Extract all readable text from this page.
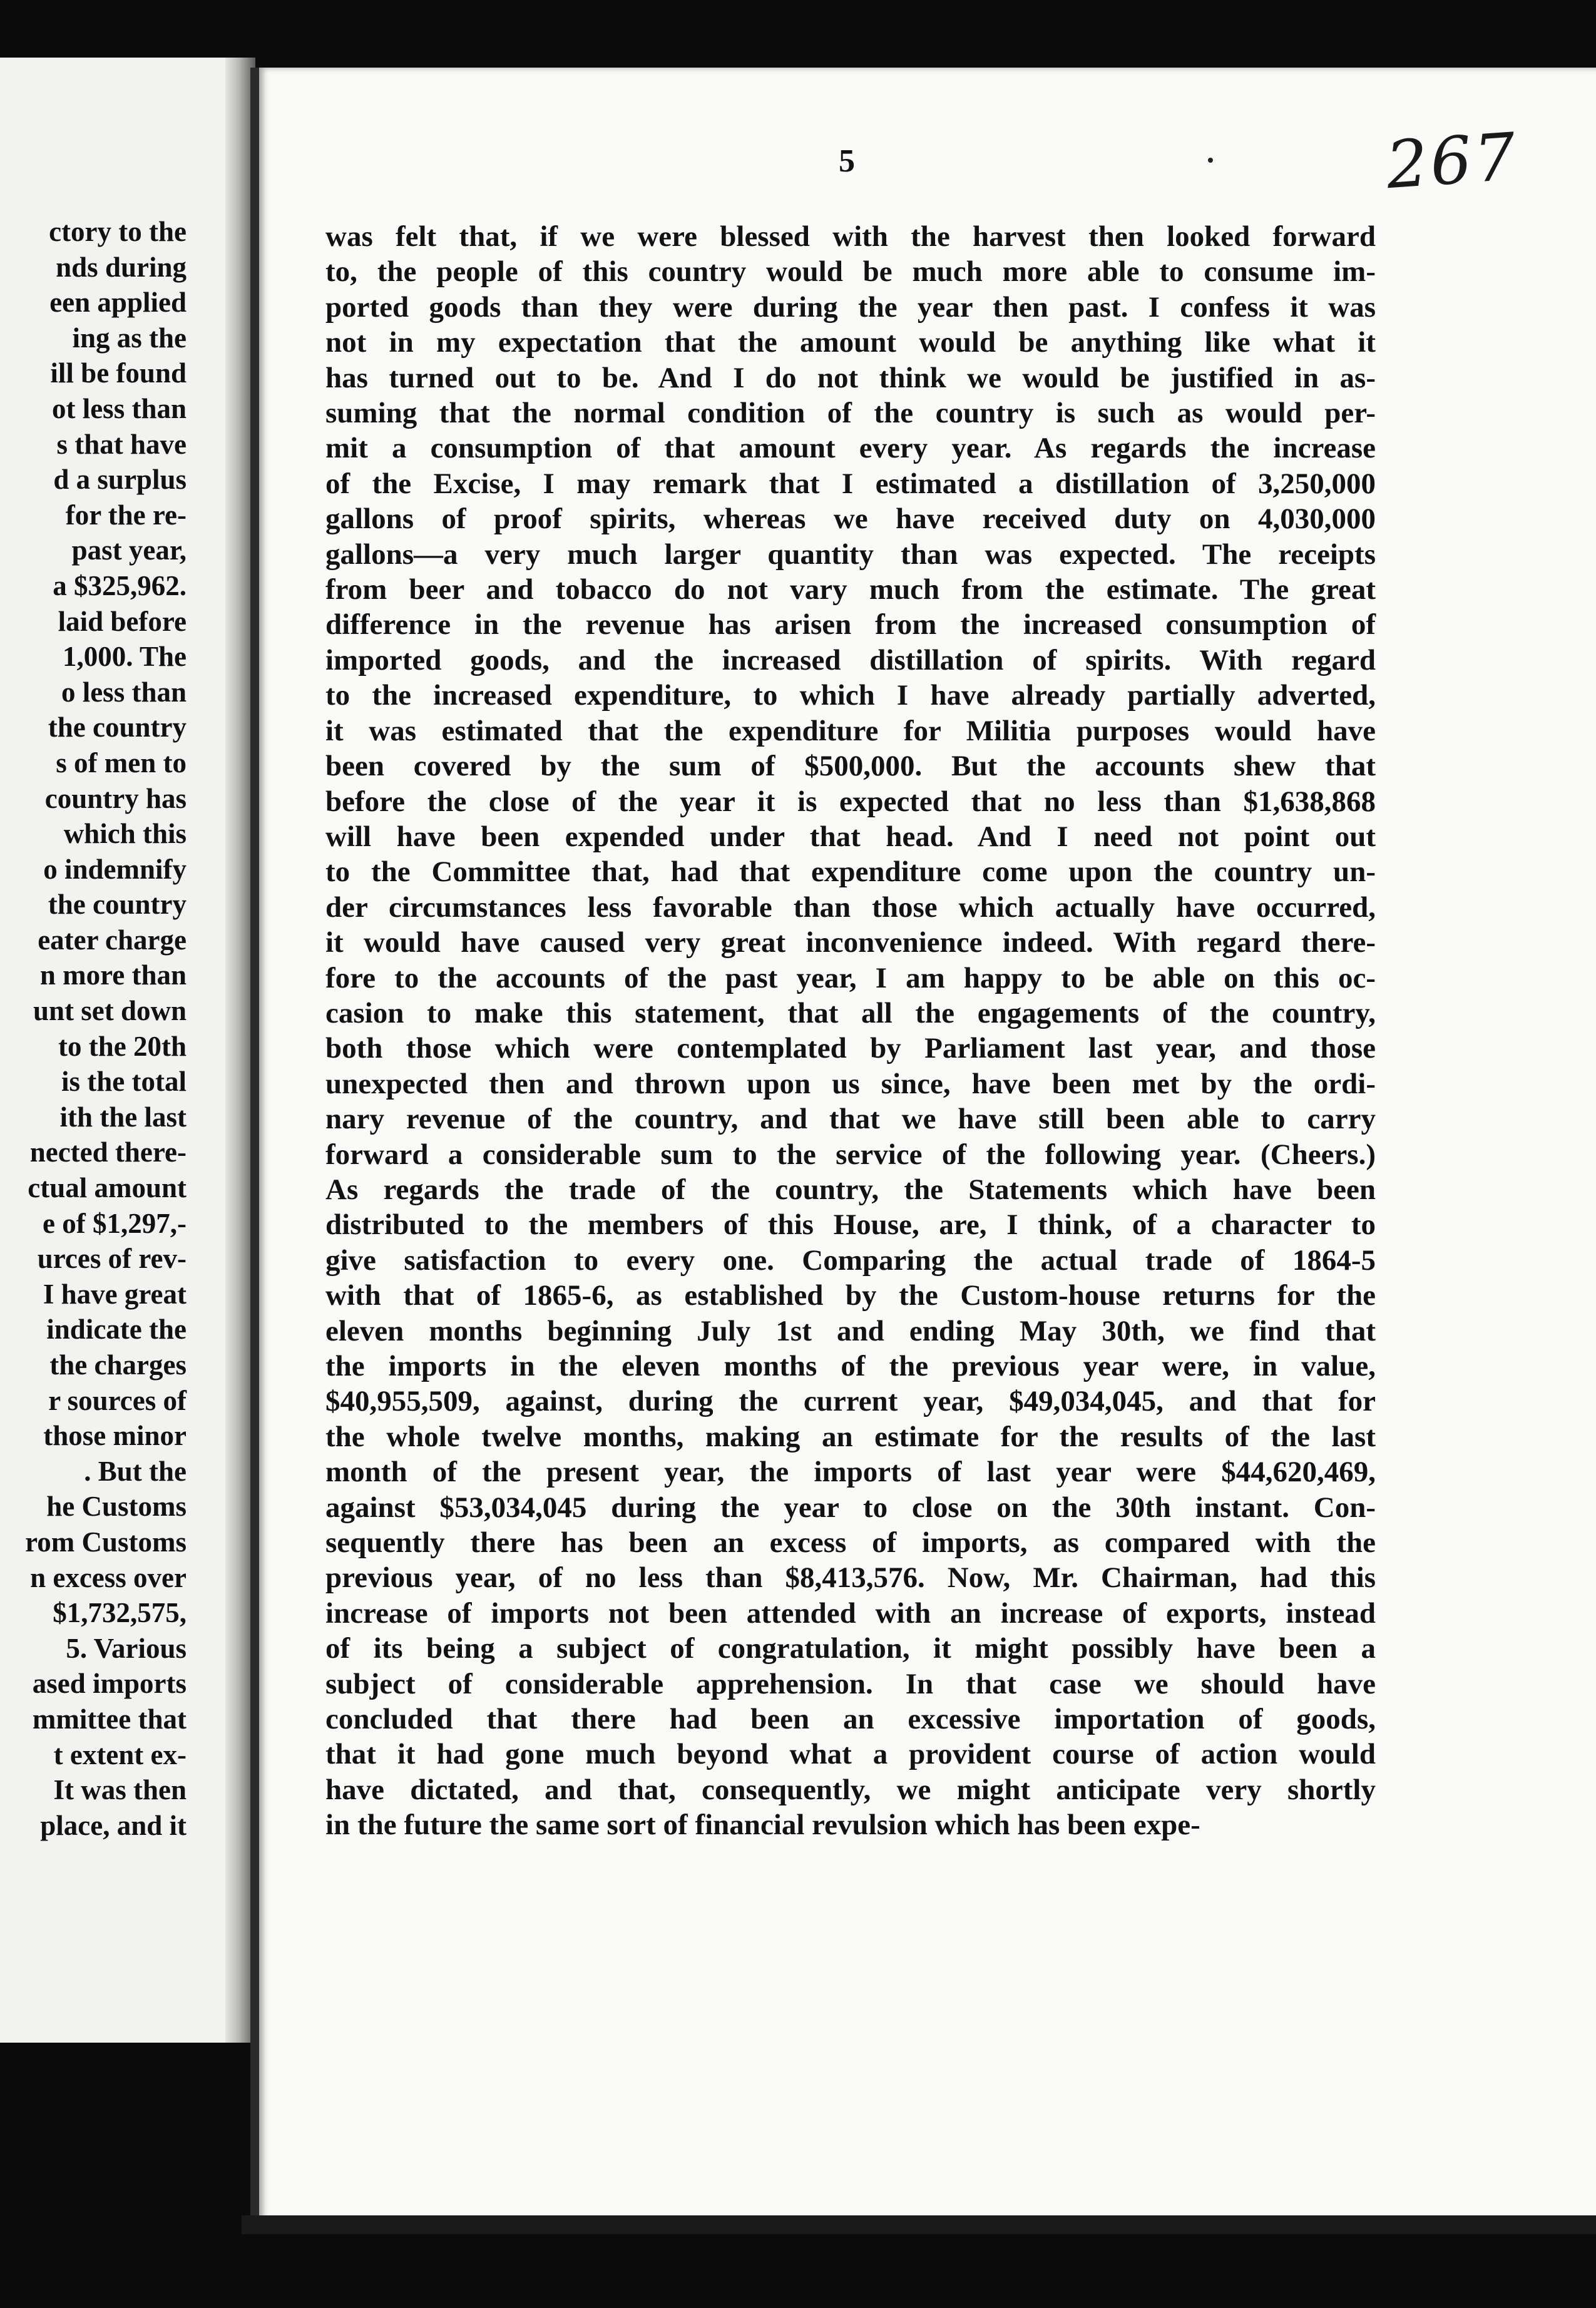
ctory to the
nds during
een applied
ing as the
ill be found
ot less than
s that have
d a surplus
for the re-
past year,
a $325,962.
laid before
1,000. The
o less than
the country
s of men to
country has
which this
o indemnify
the country
eater charge
n more than
unt set down
to the 20th
is the total
ith the last
nected there-
ctual amount
e of $1,297,-
urces of rev-
I have great
indicate the
the charges
r sources of
those minor
. But the
he Customs
rom Customs
n excess over
$1,732,575,
5. Various
ased imports
mmittee that
t extent ex-
It was then
place, and it
5	267
was felt that, if we were blessed with the harvest then looked forward
to, the people of this country would be much more able to consume im-
ported goods than they were during the year then past. I confess it was
not in my expectation that the amount would be anything like what it
has turned out to be. And I do not think we would be justified in as-
suming that the normal condition of the country is such as would per-
mit a consumption of that amount every year. As regards the increase
of the Excise, I may remark that I estimated a distillation of 3,250,000
gallons of proof spirits, whereas we have received duty on 4,030,000
gallons—a very much larger quantity than was expected. The receipts
from beer and tobacco do not vary much from the estimate. The great
difference in the revenue has arisen from the increased consumption of
imported goods, and the increased distillation of spirits. With regard
to the increased expenditure, to which I have already partially adverted,
it was estimated that the expenditure for Militia purposes would have
been covered by the sum of $500,000. But the accounts shew that
before the close of the year it is expected that no less than $1,638,868
will have been expended under that head. And I need not point out
to the Committee that, had that expenditure come upon the country un-
der circumstances less favorable than those which actually have occurred,
it would have caused very great inconvenience indeed. With regard there-
fore to the accounts of the past year, I am happy to be able on this oc-
casion to make this statement, that all the engagements of the country,
both those which were contemplated by Parliament last year, and those
unexpected then and thrown upon us since, have been met by the ordi-
nary revenue of the country, and that we have still been able to carry
forward a considerable sum to the service of the following year. (Cheers.)
As regards the trade of the country, the Statements which have been
distributed to the members of this House, are, I think, of a character to
give satisfaction to every one. Comparing the actual trade of 1864-5
with that of 1865-6, as established by the Custom-house returns for the
eleven months beginning July 1st and ending May 30th, we find that
the imports in the eleven months of the previous year were, in value,
$40,955,509, against, during the current year, $49,034,045, and that for
the whole twelve months, making an estimate for the results of the last
month of the present year, the imports of last year were $44,620,469,
against $53,034,045 during the year to close on the 30th instant. Con-
sequently there has been an excess of imports, as compared with the
previous year, of no less than $8,413,576. Now, Mr. Chairman, had this
increase of imports not been attended with an increase of exports, instead
of its being a subject of congratulation, it might possibly have been a
subject of considerable apprehension. In that case we should have
concluded that there had been an excessive importation of goods,
that it had gone much beyond what a provident course of action would
have dictated, and that, consequently, we might anticipate very shortly
in the future the same sort of financial revulsion which has been expe-
